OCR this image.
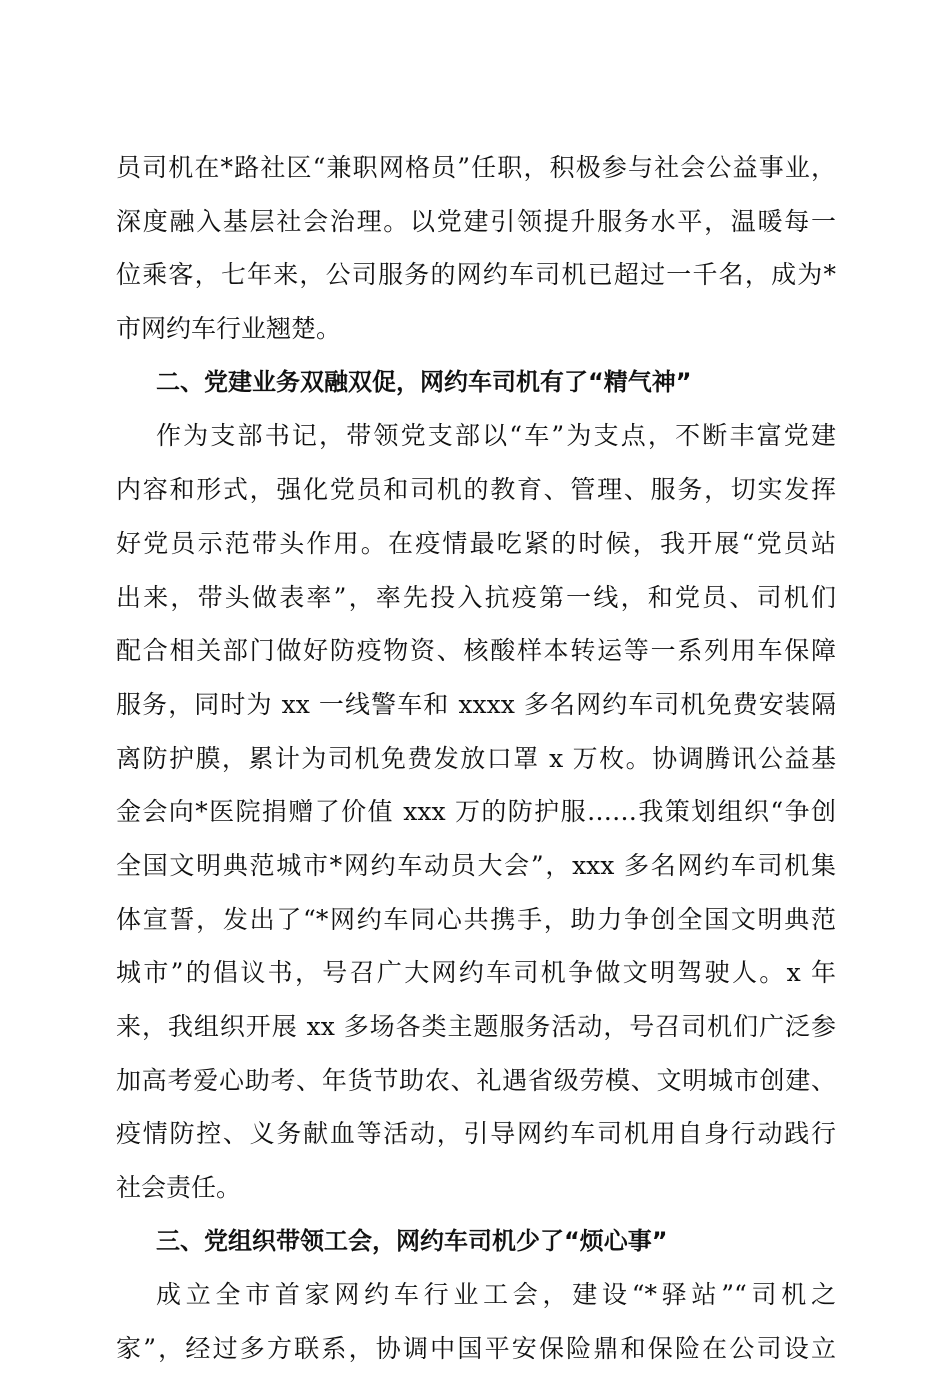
员司机在*路社区“兼职网格员”任职，积极参与社会公益事业，
深度融入基层社会治理。以党建引领提升服务水平，温暖每一
位乘客，七年来，公司服务的网约车司机已超过一千名，成为*
市网约车行业翘楚。
二、党建业务双融双促，网约车司机有了“精气神”
作为支部书记，带领党支部以“车”为支点，不断丰富党建
内容和形式，强化党员和司机的教育、管理、服务，切实发挥
好党员示范带头作用。在疫情最吃紧的时候，我开展“党员站
出来，带头做表率”，率先投入抗疫第一线，和党员、司机们
配合相关部门做好防疫物资、核酸样本转运等一系列用车保障
服务，同时为 xx 一线警车和 xxxx 多名网约车司机免费安装隔
离防护膜，累计为司机免费发放口罩 x 万枚。协调腾讯公益基
金会向*医院捐赠了价值 xxx 万的防护服……我策划组织“争创
全国文明典范城市*网约车动员大会”，xxx 多名网约车司机集
体宣誓，发出了“*网约车同心共携手，助力争创全国文明典范
城市”的倡议书，号召广大网约车司机争做文明驾驶人。x 年
来，我组织开展 xx 多场各类主题服务活动，号召司机们广泛参
加高考爱心助考、年货节助农、礼遇省级劳模、文明城市创建、
疫情防控、义务献血等活动，引导网约车司机用自身行动践行
社会责任。
三、党组织带领工会，网约车司机少了“烦心事”
成立全市首家网约车行业工会，建设“*驿站”“司机之
家”，经过多方联系，协调中国平安保险鼎和保险在公司设立
